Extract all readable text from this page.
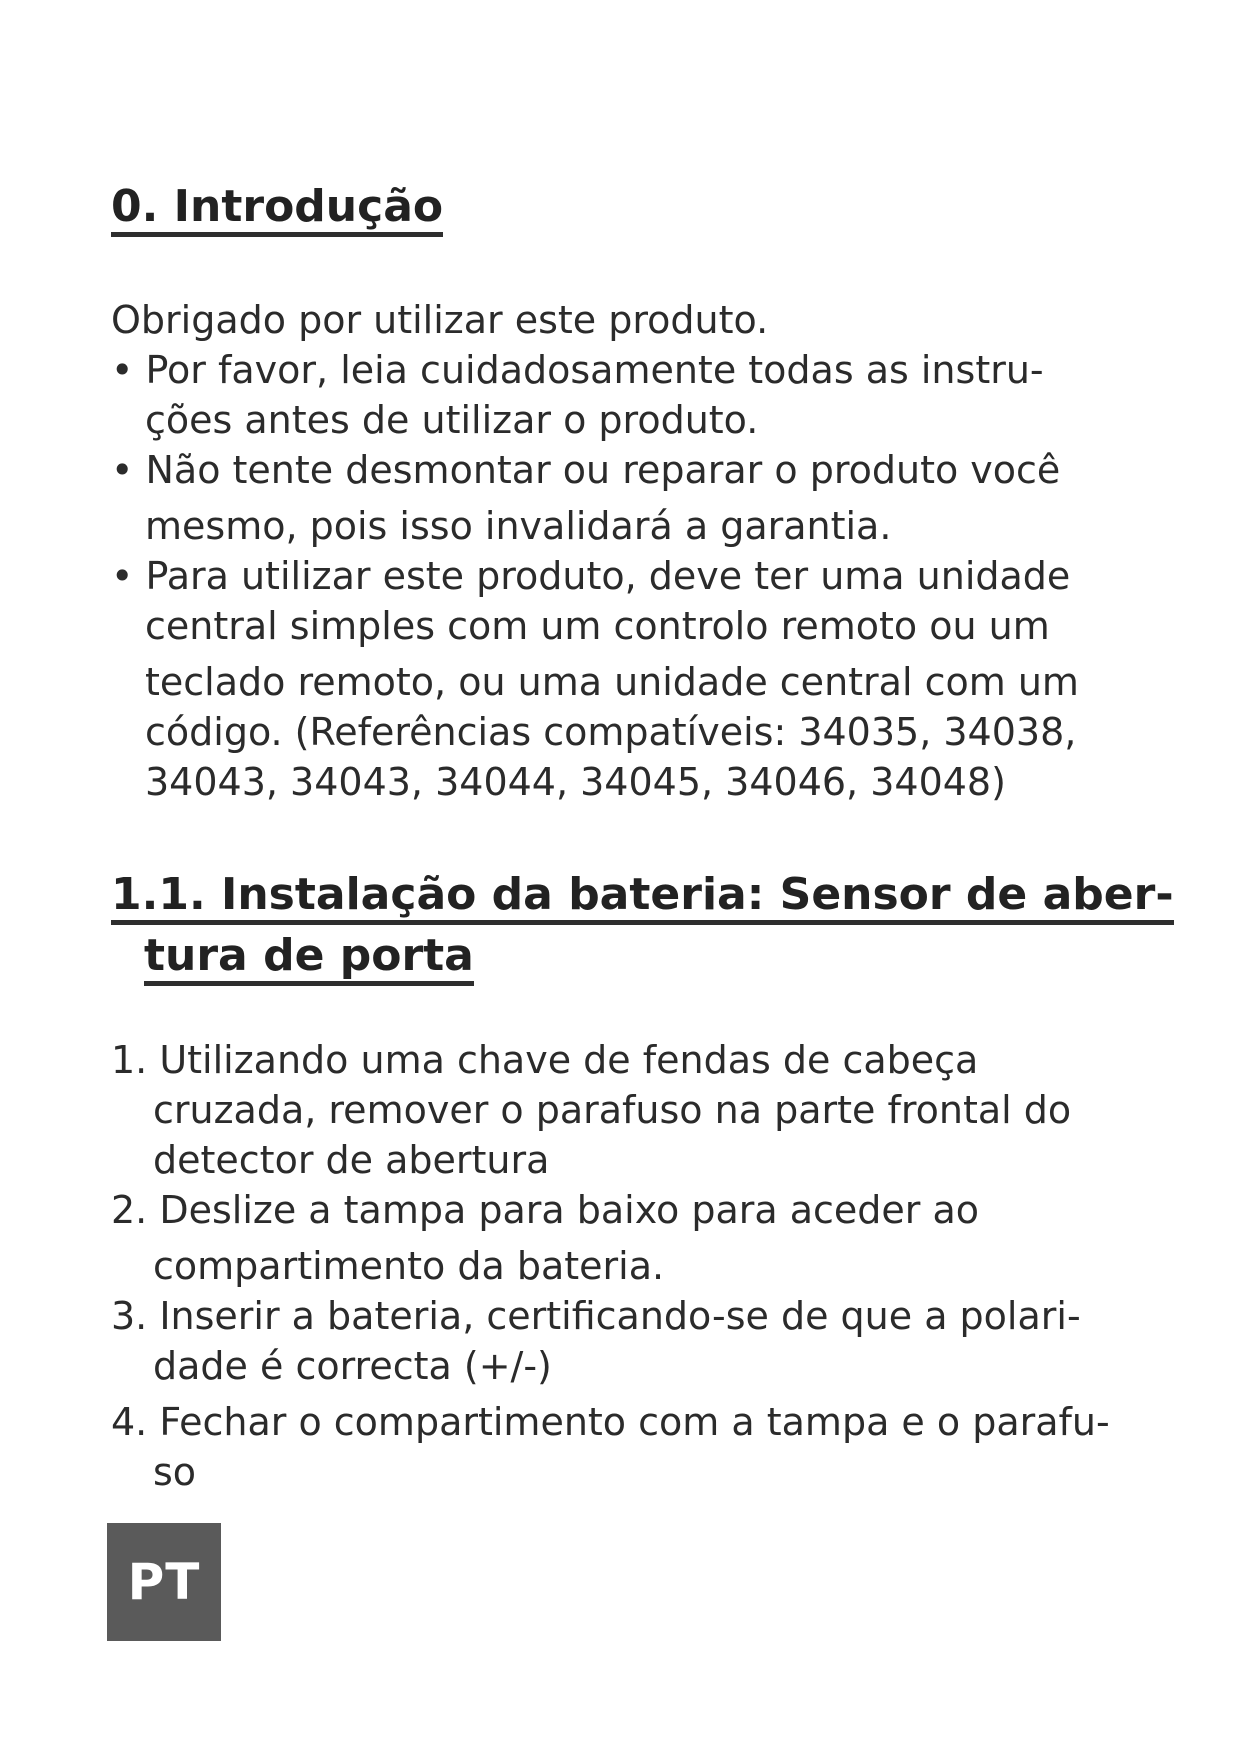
0. Introdução
Obrigado por utilizar este produto.
• Por favor, leia cuidadosamente todas as instru-
ções antes de utilizar o produto.
• Não tente desmontar ou reparar o produto você
mesmo, pois isso invalidará a garantia.
• Para utilizar este produto, deve ter uma unidade
central simples com um controlo remoto ou um
teclado remoto, ou uma unidade central com um
código. (Referências compatíveis: 34035, 34038,
34043, 34043, 34044, 34045, 34046, 34048)
1.1. Instalação da bateria: Sensor de aber-
tura de porta
1. Utilizando uma chave de fendas de cabeça
cruzada, remover o parafuso na parte frontal do
detector de abertura
2. Deslize a tampa para baixo para aceder ao
compartimento da bateria.
3. Inserir a bateria, certificando-se de que a polari-
dade é correcta (+/-)
4. Fechar o compartimento com a tampa e o parafu-
so
PT
